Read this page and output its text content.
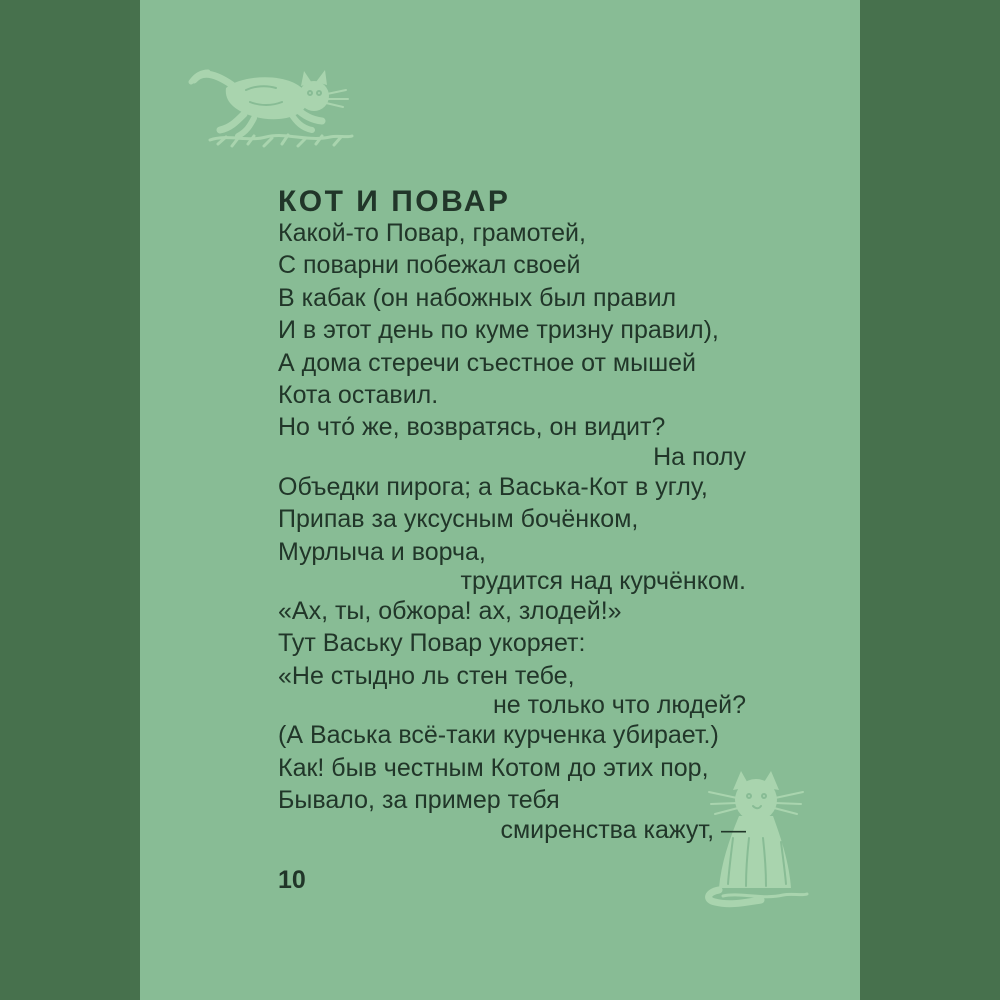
КОТ И ПОВАР
Какой-то Повар, грамотей,
С поварни побежал своей
В кабак (он набожных был правил
И в этот день по куме тризну правил),
А дома стеречи съестное от мышей
Кота оставил.
Но что́ же, возвратясь, он видит?
На полу
Объедки пирога; а Васька-Кот в углу,
Припав за уксусным бочёнком,
Мурлыча и ворча,
трудится над курчёнком.
«Ах, ты, обжора! ах, злодей!»
Тут Ваську Повар укоряет:
«Не стыдно ль стен тебе,
не только что людей?
(А Васька всё-таки курченка убирает.)
Как! быв честным Котом до этих пор,
Бывало, за пример тебя
смиренства кажут, —
10
